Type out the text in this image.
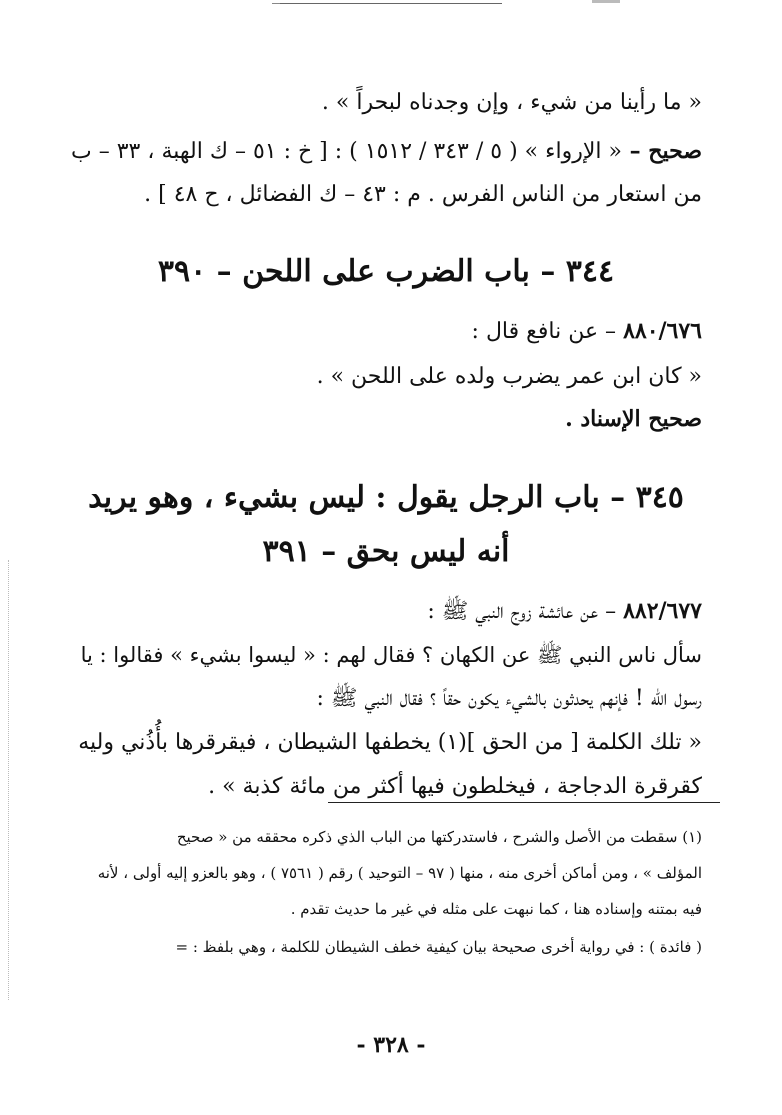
« ما رأينا من شيء ، وإن وجدناه لبحراً » .
صحيح – « الإرواء » ( ٥ / ٣٤٣ / ١٥١٢ ) : [ خ : ٥١ – ك الهبة ، ٣٣ – ب
من استعار من الناس الفرس . م : ٤٣ – ك الفضائل ، ح ٤٨ ] .
٣٤٤ – باب الضرب على اللحن – ٣٩٠
٨٨٠/٦٧٦ – عن نافع قال :
« كان ابن عمر يضرب ولده على اللحن » .
صحيح الإسناد .
٣٤٥ – باب الرجل يقول : ليس بشيء ، وهو يريد
أنه ليس بحق – ٣٩١
٨٨٢/٦٧٧ – عن عائشة زوج النبي ﷺ :
سأل ناس النبي ﷺ عن الكهان ؟ فقال لهم : « ليسوا بشيء » فقالوا : يا
رسول الله ! فإنهم يحدثون بالشيء يكون حقاً ؟ فقال النبي ﷺ :
« تلك الكلمة [ من الحق ](١) يخطفها الشيطان ، فيقرقرها بأُذُني وليه
كقرقرة الدجاجة ، فيخلطون فيها أكثر من مائة كذبة » .
(١) سقطت من الأصل والشرح ، فاستدركتها من الباب الذي ذكره محققه من « صحيح
المؤلف » ، ومن أماكن أخرى منه ، منها ( ٩٧ – التوحيد ) رقم ( ٧٥٦١ ) ، وهو بالعزو إليه أولى ، لأنه
فيه بمتنه وإسناده هنا ، كما نبهت على مثله في غير ما حديث تقدم .
( فائدة ) : في رواية أخرى صحيحة بيان كيفية خطف الشيطان للكلمة ، وهي بلفظ : =
- ٣٢٨ -
